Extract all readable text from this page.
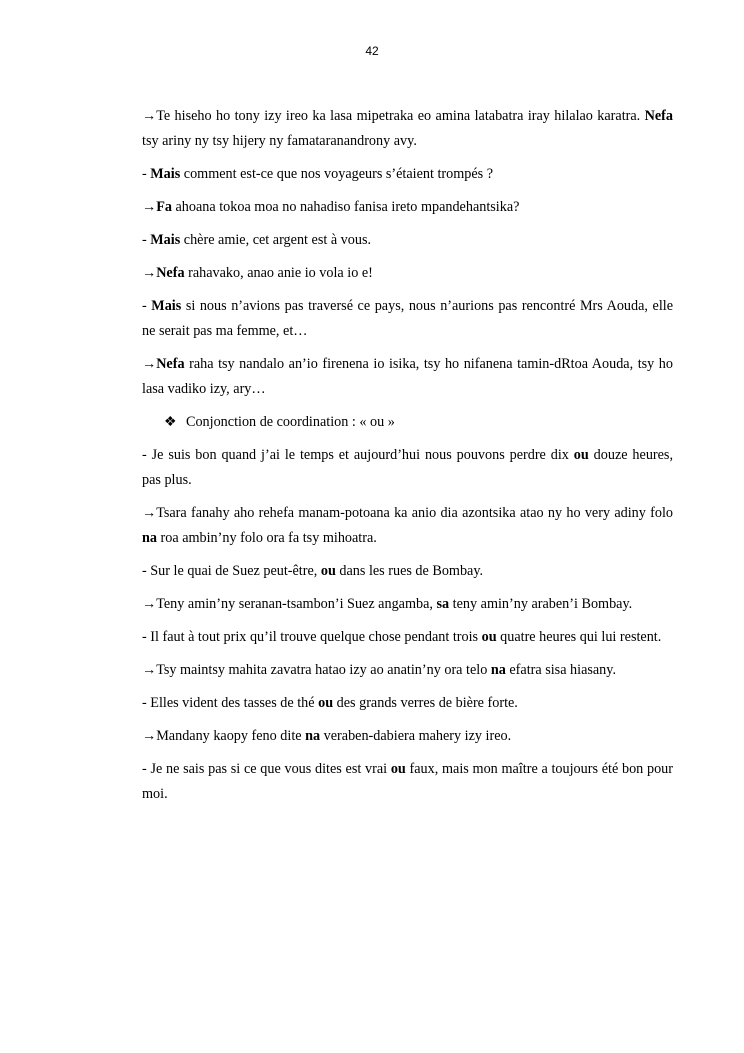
42

→Te hiseho ho tony izy ireo ka lasa mipetraka eo amina latabatra iray hilalao karatra. Nefa tsy ariny ny tsy hijery ny famataranandrony avy.

- Mais comment est-ce que nos voyageurs s’étaient trompés ?

→Fa ahoana tokoa moa no nahadiso fanisa ireto mpandehantsika?

- Mais chère amie, cet argent est à vous.

→Nefa rahavako, anao anie io vola io e!

- Mais si nous n’avions pas traversé ce pays, nous n’aurions pas rencontré Mrs Aouda, elle ne serait pas ma femme, et…

→Nefa raha tsy nandalo an’io firenena io isika, tsy ho nifanena tamin-dRtoa Aouda, tsy ho lasa vadiko izy, ary…

❖ Conjonction de coordination : « ou »

- Je suis bon quand j’ai le temps et aujourd’hui nous pouvons perdre dix ou douze heures, pas plus.

→Tsara fanahy aho rehefa manam-potoana ka anio dia azontsika atao ny ho very adiny folo na roa ambin’ny folo ora fa tsy mihoatra.

- Sur le quai de Suez peut-être, ou dans les rues de Bombay.

→Teny amin’ny seranan-tsambon’i Suez angamba, sa teny amin’ny araben’i Bombay.

- Il faut à tout prix qu’il trouve quelque chose pendant trois ou quatre heures qui lui restent.

→Tsy maintsy mahita zavatra hatao izy ao anatin’ny ora telo na efatra sisa hiasany.

- Elles vident des tasses de thé ou des grands verres de bière forte.

→Mandany kaopy feno dite na veraben-dabiera mahery izy ireo.

- Je ne sais pas si ce que vous dites est vrai ou faux, mais mon maître a toujours été bon pour moi.
